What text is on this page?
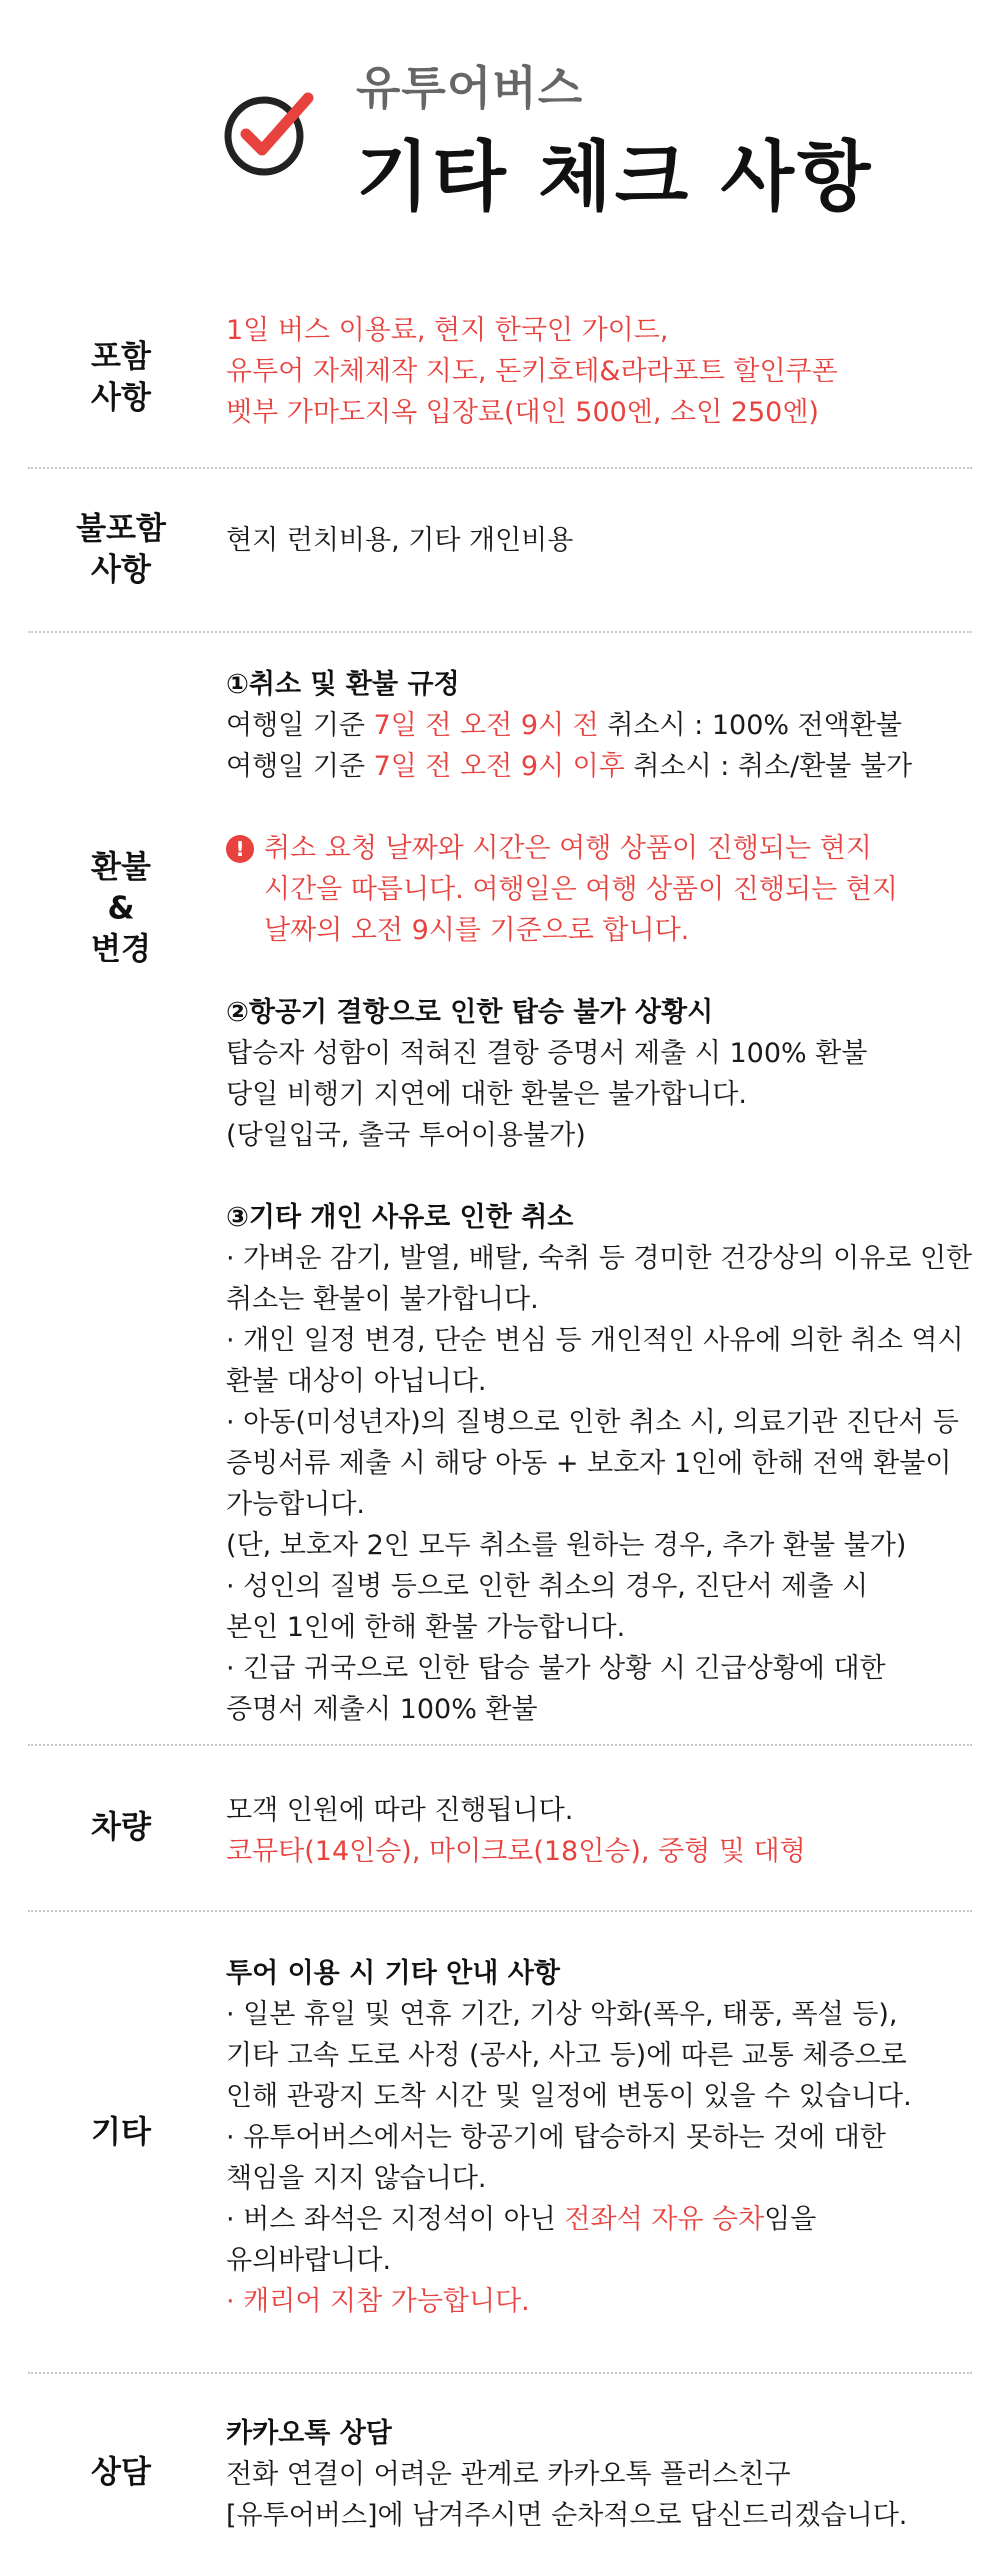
유투어버스
기타 체크 사항
포함
사항
1일 버스 이용료, 현지 한국인 가이드,
유투어 자체제작 지도, 돈키호테&라라포트 할인쿠폰
벳부 가마도지옥 입장료(대인 500엔, 소인 250엔)
불포함
사항
현지 런치비용, 기타 개인비용
환불
&
변경
①취소 및 환불 규정
여행일 기준 7일 전 오전 9시 전 취소시 : 100% 전액환불
여행일 기준 7일 전 오전 9시 이후 취소시 : 취소/환불 불가
! 취소 요청 날짜와 시간은 여행 상품이 진행되는 현지
시간을 따릅니다. 여행일은 여행 상품이 진행되는 현지
날짜의 오전 9시를 기준으로 합니다.
②항공기 결항으로 인한 탑승 불가 상황시
탑승자 성함이 적혀진 결항 증명서 제출 시 100% 환불
당일 비행기 지연에 대한 환불은 불가합니다.
(당일입국, 출국 투어이용불가)
③기타 개인 사유로 인한 취소
· 가벼운 감기, 발열, 배탈, 숙취 등 경미한 건강상의 이유로 인한
취소는 환불이 불가합니다.
· 개인 일정 변경, 단순 변심 등 개인적인 사유에 의한 취소 역시
환불 대상이 아닙니다.
· 아동(미성년자)의 질병으로 인한 취소 시, 의료기관 진단서 등
증빙서류 제출 시 해당 아동 + 보호자 1인에 한해 전액 환불이
가능합니다.
(단, 보호자 2인 모두 취소를 원하는 경우, 추가 환불 불가)
· 성인의 질병 등으로 인한 취소의 경우, 진단서 제출 시
본인 1인에 한해 환불 가능합니다.
· 긴급 귀국으로 인한 탑승 불가 상황 시 긴급상황에 대한
증명서 제출시 100% 환불
차량	모객 인원에 따라 진행됩니다.
코뮤타(14인승), 마이크로(18인승), 중형 및 대형
기타
투어 이용 시 기타 안내 사항
· 일본 휴일 및 연휴 기간, 기상 악화(폭우, 태풍, 폭설 등),
기타 고속 도로 사정 (공사, 사고 등)에 따른 교통 체증으로
인해 관광지 도착 시간 및 일정에 변동이 있을 수 있습니다.
· 유투어버스에서는 항공기에 탑승하지 못하는 것에 대한
책임을 지지 않습니다.
· 버스 좌석은 지정석이 아닌 전좌석 자유 승차임을
유의바랍니다.
· 캐리어 지참 가능합니다.
상담
카카오톡 상담
전화 연결이 어려운 관계로 카카오톡 플러스친구
[유투어버스]에 남겨주시면 순차적으로 답신드리겠습니다.
